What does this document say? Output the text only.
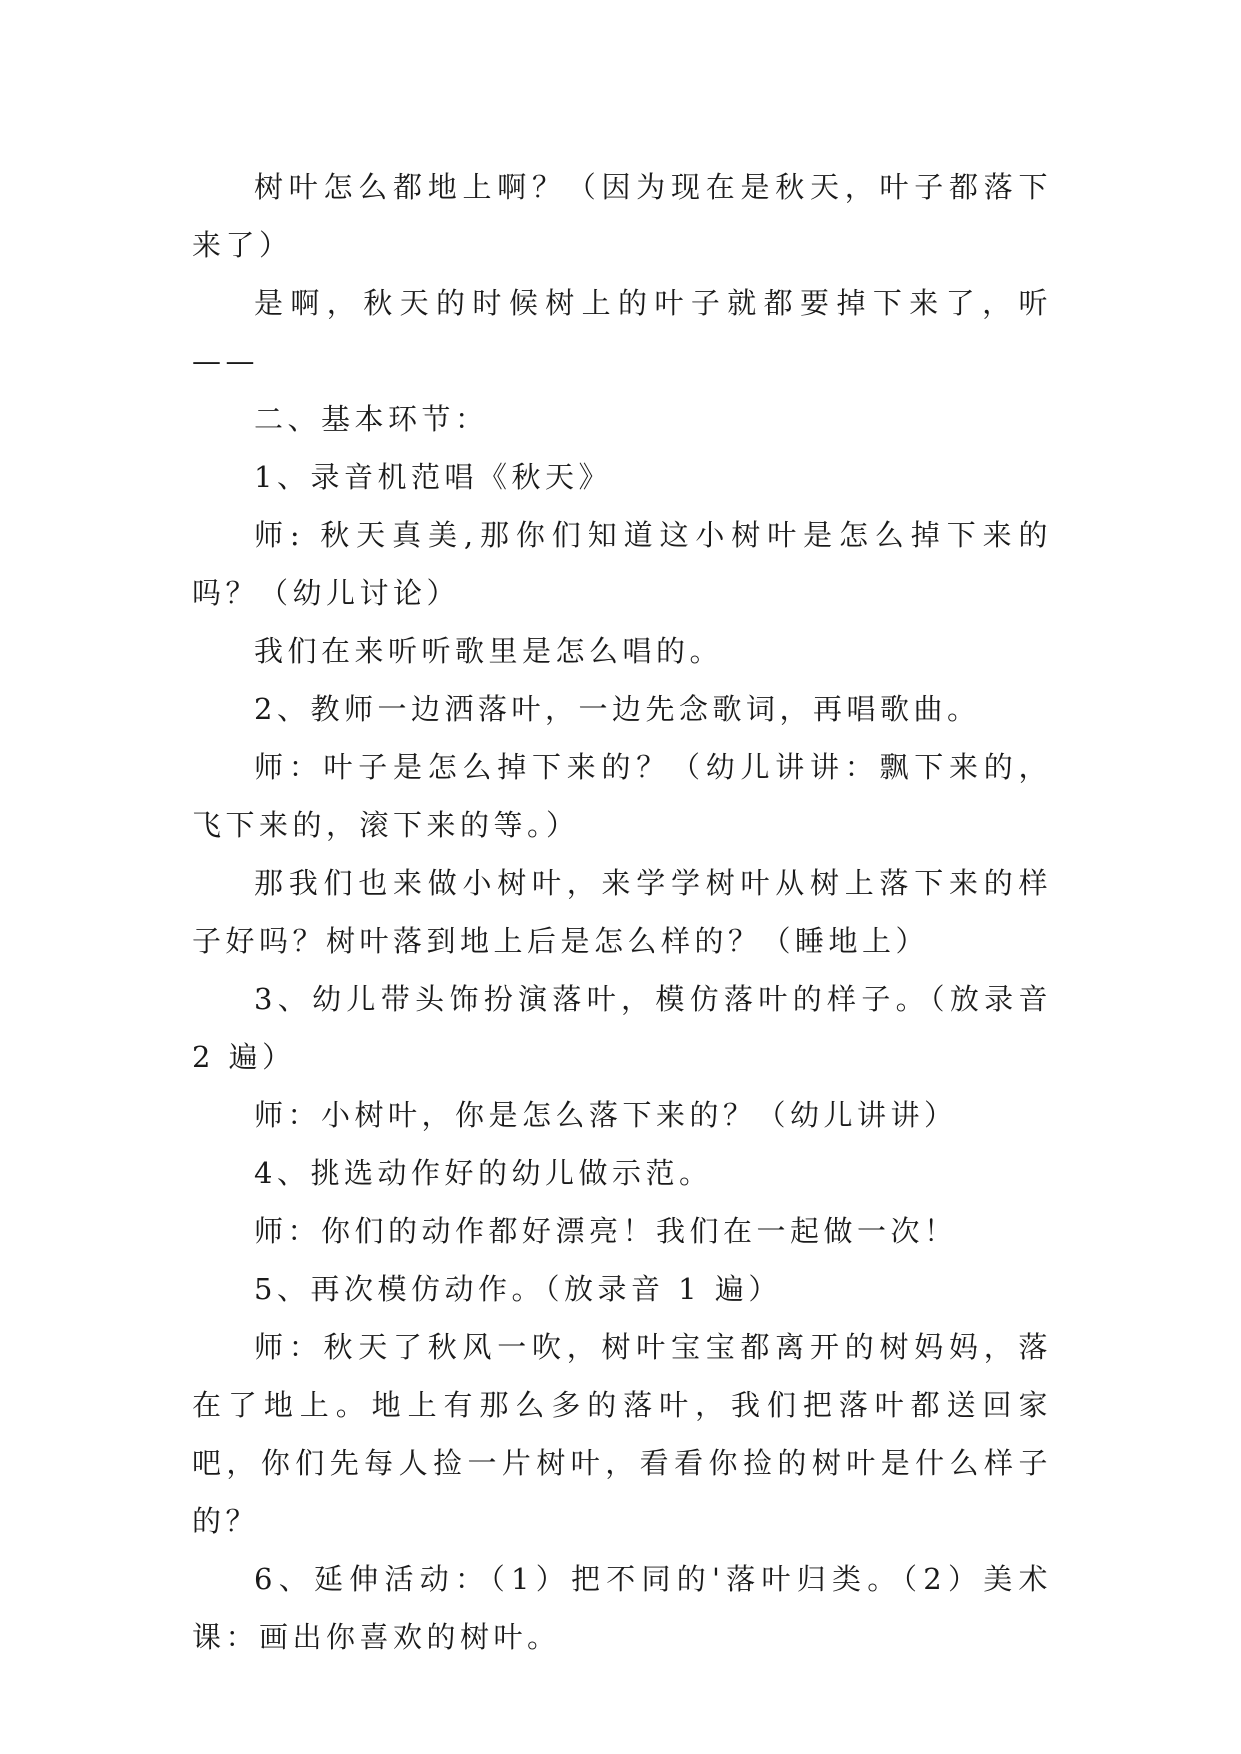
树叶怎么都地上啊？（因为现在是秋天，叶子都落下来了）

是啊，秋天的时候树上的叶子就都要掉下来了，听——

二、基本环节：

1、录音机范唱《秋天》

师: 秋天真美,那你们知道这小树叶是怎么掉下来的吗？（幼儿讨论）

我们在来听听歌里是怎么唱的。

2、教师一边洒落叶，一边先念歌词，再唱歌曲。

师：叶子是怎么掉下来的？（幼儿讲讲：飘下来的，飞下来的，滚下来的等。）

那我们也来做小树叶，来学学树叶从树上落下来的样子好吗？树叶落到地上后是怎么样的？（睡地上）

3、幼儿带头饰扮演落叶，模仿落叶的样子。（放录音 2 遍）

师：小树叶，你是怎么落下来的？（幼儿讲讲）

4、挑选动作好的幼儿做示范。

师：你们的动作都好漂亮！我们在一起做一次！

5、再次模仿动作。（放录音 1 遍）

师：秋天了秋风一吹，树叶宝宝都离开的树妈妈，落在了地上。地上有那么多的落叶，我们把落叶都送回家吧，你们先每人捡一片树叶，看看你捡的树叶是什么样子的？

6、延伸活动：（1）把不同的'落叶归类。（2）美术课：画出你喜欢的树叶。
